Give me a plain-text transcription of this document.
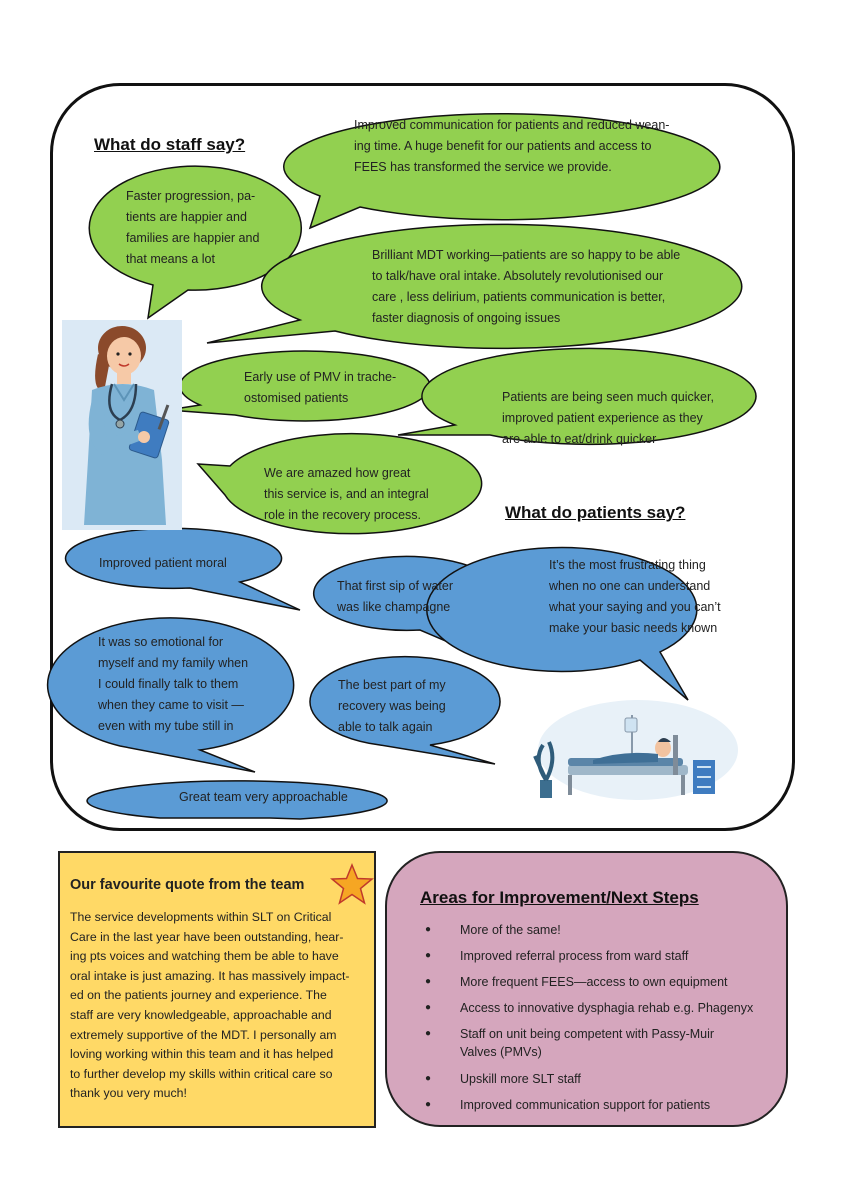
What do staff say?
What do patients say?
Improved communication for patients and reduced wean-
ing time. A huge benefit for our patients and access to
FEES has transformed the service we provide.
Faster progression, pa-
tients are happier and
families are happier and
that means a lot	Brilliant MDT working—patients are so happy to be able
to talk/have oral intake. Absolutely revolutionised our
care , less delirium, patients communication is better,
faster diagnosis of ongoing issues
Early use of PMV in trache-
ostomised patients	Patients are being seen much quicker,
improved patient experience as they
are able to eat/drink quicker
We are amazed how great
this service is, and an integral
role in the recovery process.
Improved patient moral
That first sip of water
was like champagne
It’s the most frustrating thing
when no one can understand
what your saying and you can’t
make your basic needs known
It was so emotional for
myself and my family when
I could finally talk to them
when they came to visit —
even with my tube still in
The best part of my
recovery was being
able to talk again
Great team very approachable
Our favourite quote from the team
The service developments within SLT on Critical
Care in the last year have been outstanding, hear-
ing pts voices and watching them be able to have
oral intake is just amazing. It has massively impact-
ed on the patients journey and experience. The
staff are very knowledgeable, approachable and
extremely supportive of the MDT. I personally am
loving working within this team and it has helped
to further develop my skills within critical care so
thank you very much!
Areas for Improvement/Next Steps
● More of the same!
● Improved referral process from ward staff
● More frequent FEES—access to own equipment
● Access to innovative dysphagia rehab e.g. Phagenyx
● Staff on unit being competent with Passy-Muir
Valves (PMVs)
● Upskill more SLT staff
● Improved communication support for patients
